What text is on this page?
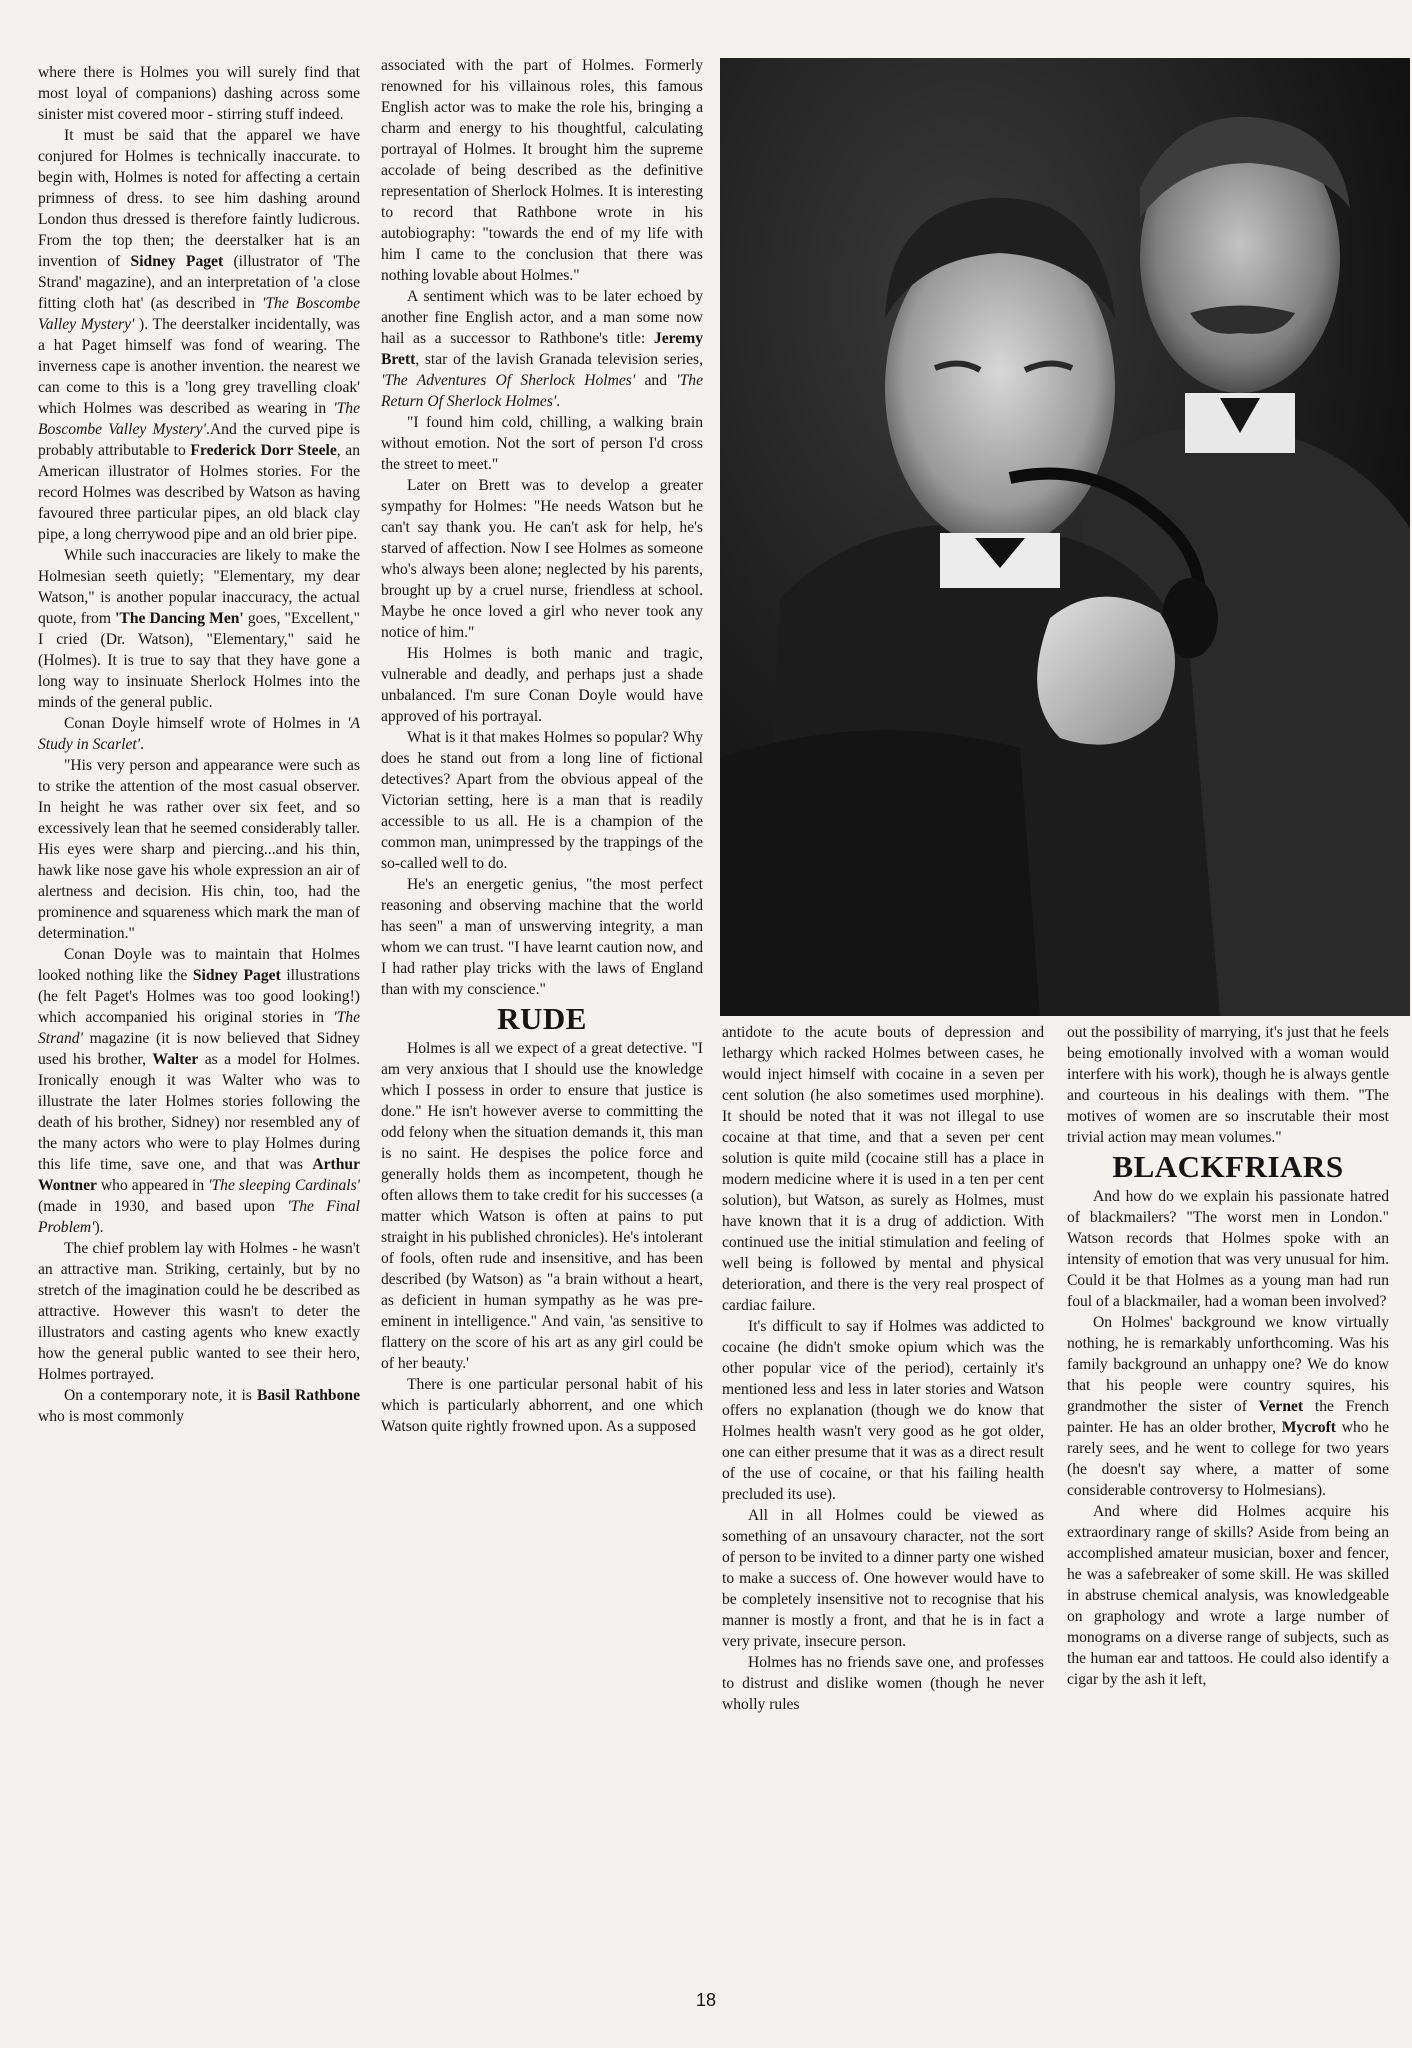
where there is Holmes you will surely find that most loyal of companions) dashing across some sinister mist covered moor - stirring stuff indeed.

It must be said that the apparel we have conjured for Holmes is technically inaccurate. to begin with, Holmes is noted for affecting a certain primness of dress. to see him dashing around London thus dressed is therefore faintly ludicrous. From the top then; the deerstalker hat is an invention of Sidney Paget (illustrator of 'The Strand' magazine), and an interpretation of 'a close fitting cloth hat' (as described in 'The Boscombe Valley Mystery' ). The deerstalker incidentally, was a hat Paget himself was fond of wearing. The inverness cape is another invention. the nearest we can come to this is a 'long grey travelling cloak' which Holmes was described as wearing in 'The Boscombe Valley Mystery'.And the curved pipe is probably attributable to Frederick Dorr Steele, an American illustrator of Holmes stories. For the record Holmes was described by Watson as having favoured three particular pipes, an old black clay pipe, a long cherrywood pipe and an old brier pipe.

While such inaccuracies are likely to make the Holmesian seeth quietly; "Elementary, my dear Watson," is another popular inaccuracy, the actual quote, from 'The Dancing Men' goes, "Excellent," I cried (Dr. Watson), "Elementary," said he (Holmes). It is true to say that they have gone a long way to insinuate Sherlock Holmes into the minds of the general public.

Conan Doyle himself wrote of Holmes in 'A Study in Scarlet'.

"His very person and appearance were such as to strike the attention of the most casual observer. In height he was rather over six feet, and so excessively lean that he seemed considerably taller. His eyes were sharp and piercing...and his thin, hawk like nose gave his whole expression an air of alertness and decision. His chin, too, had the prominence and squareness which mark the man of determination."

Conan Doyle was to maintain that Holmes looked nothing like the Sidney Paget illustrations (he felt Paget's Holmes was too good looking!) which accompanied his original stories in 'The Strand' magazine (it is now believed that Sidney used his brother, Walter as a model for Holmes. Ironically enough it was Walter who was to illustrate the later Holmes stories following the death of his brother, Sidney) nor resembled any of the many actors who were to play Holmes during this life time, save one, and that was Arthur Wontner who appeared in 'The sleeping Cardinals' (made in 1930, and based upon 'The Final Problem').

The chief problem lay with Holmes - he wasn't an attractive man. Striking, certainly, but by no stretch of the imagination could he be described as attractive. However this wasn't to deter the illustrators and casting agents who knew exactly how the general public wanted to see their hero, Holmes portrayed.

On a contemporary note, it is Basil Rathbone who is most commonly

associated with the part of Holmes. Formerly renowned for his villainous roles, this famous English actor was to make the role his, bringing a charm and energy to his thoughtful, calculating portrayal of Holmes. It brought him the supreme accolade of being described as the definitive representation of Sherlock Holmes. It is interesting to record that Rathbone wrote in his autobiography: "towards the end of my life with him I came to the conclusion that there was nothing lovable about Holmes."

A sentiment which was to be later echoed by another fine English actor, and a man some now hail as a successor to Rathbone's title: Jeremy Brett, star of the lavish Granada television series, 'The Adventures Of Sherlock Holmes' and 'The Return Of Sherlock Holmes'.

"I found him cold, chilling, a walking brain without emotion. Not the sort of person I'd cross the street to meet."

Later on Brett was to develop a greater sympathy for Holmes: "He needs Watson but he can't say thank you. He can't ask for help, he's starved of affection. Now I see Holmes as someone who's always been alone; neglected by his parents, brought up by a cruel nurse, friendless at school. Maybe he once loved a girl who never took any notice of him."

His Holmes is both manic and tragic, vulnerable and deadly, and perhaps just a shade unbalanced. I'm sure Conan Doyle would have approved of his portrayal.

What is it that makes Holmes so popular? Why does he stand out from a long line of fictional detectives? Apart from the obvious appeal of the Victorian setting, here is a man that is readily accessible to us all. He is a champion of the common man, unimpressed by the trappings of the so-called well to do.

He's an energetic genius, "the most perfect reasoning and observing machine that the world has seen" a man of unswerving integrity, a man whom we can trust. "I have learnt caution now, and I had rather play tricks with the laws of England than with my conscience."

RUDE

Holmes is all we expect of a great detective. "I am very anxious that I should use the knowledge which I possess in order to ensure that justice is done." He isn't however averse to committing the odd felony when the situation demands it, this man is no saint. He despises the police force and generally holds them as incompetent, though he often allows them to take credit for his successes (a matter which Watson is often at pains to put straight in his published chronicles). He's intolerant of fools, often rude and insensitive, and has been described (by Watson) as "a brain without a heart, as deficient in human sympathy as he was pre-eminent in intelligence." And vain, 'as sensitive to flattery on the score of his art as any girl could be of her beauty.'

There is one particular personal habit of his which is particularly abhorrent, and one which Watson quite rightly frowned upon. As a supposed

antidote to the acute bouts of depression and lethargy which racked Holmes between cases, he would inject himself with cocaine in a seven per cent solution (he also sometimes used morphine). It should be noted that it was not illegal to use cocaine at that time, and that a seven per cent solution is quite mild (cocaine still has a place in modern medicine where it is used in a ten per cent solution), but Watson, as surely as Holmes, must have known that it is a drug of addiction. With continued use the initial stimulation and feeling of well being is followed by mental and physical deterioration, and there is the very real prospect of cardiac failure.

It's difficult to say if Holmes was addicted to cocaine (he didn't smoke opium which was the other popular vice of the period), certainly it's mentioned less and less in later stories and Watson offers no explanation (though we do know that Holmes health wasn't very good as he got older, one can either presume that it was as a direct result of the use of cocaine, or that his failing health precluded its use).

All in all Holmes could be viewed as something of an unsavoury character, not the sort of person to be invited to a dinner party one wished to make a success of. One however would have to be completely insensitive not to recognise that his manner is mostly a front, and that he is in fact a very private, insecure person.

Holmes has no friends save one, and professes to distrust and dislike women (though he never wholly rules

out the possibility of marrying, it's just that he feels being emotionally involved with a woman would interfere with his work), though he is always gentle and courteous in his dealings with them. "The motives of women are so inscrutable their most trivial action may mean volumes."

BLACKFRIARS

And how do we explain his passionate hatred of blackmailers? "The worst men in London." Watson records that Holmes spoke with an intensity of emotion that was very unusual for him. Could it be that Holmes as a young man had run foul of a blackmailer, had a woman been involved?

On Holmes' background we know virtually nothing, he is remarkably unforthcoming. Was his family background an unhappy one? We do know that his people were country squires, his grandmother the sister of Vernet the French painter. He has an older brother, Mycroft who he rarely sees, and he went to college for two years (he doesn't say where, a matter of some considerable controversy to Holmesians).

And where did Holmes acquire his extraordinary range of skills? Aside from being an accomplished amateur musician, boxer and fencer, he was a safebreaker of some skill. He was skilled in abstruse chemical analysis, was knowledgeable on graphology and wrote a large number of monograms on a diverse range of subjects, such as the human ear and tattoos. He could also identify a cigar by the ash it left,

18
